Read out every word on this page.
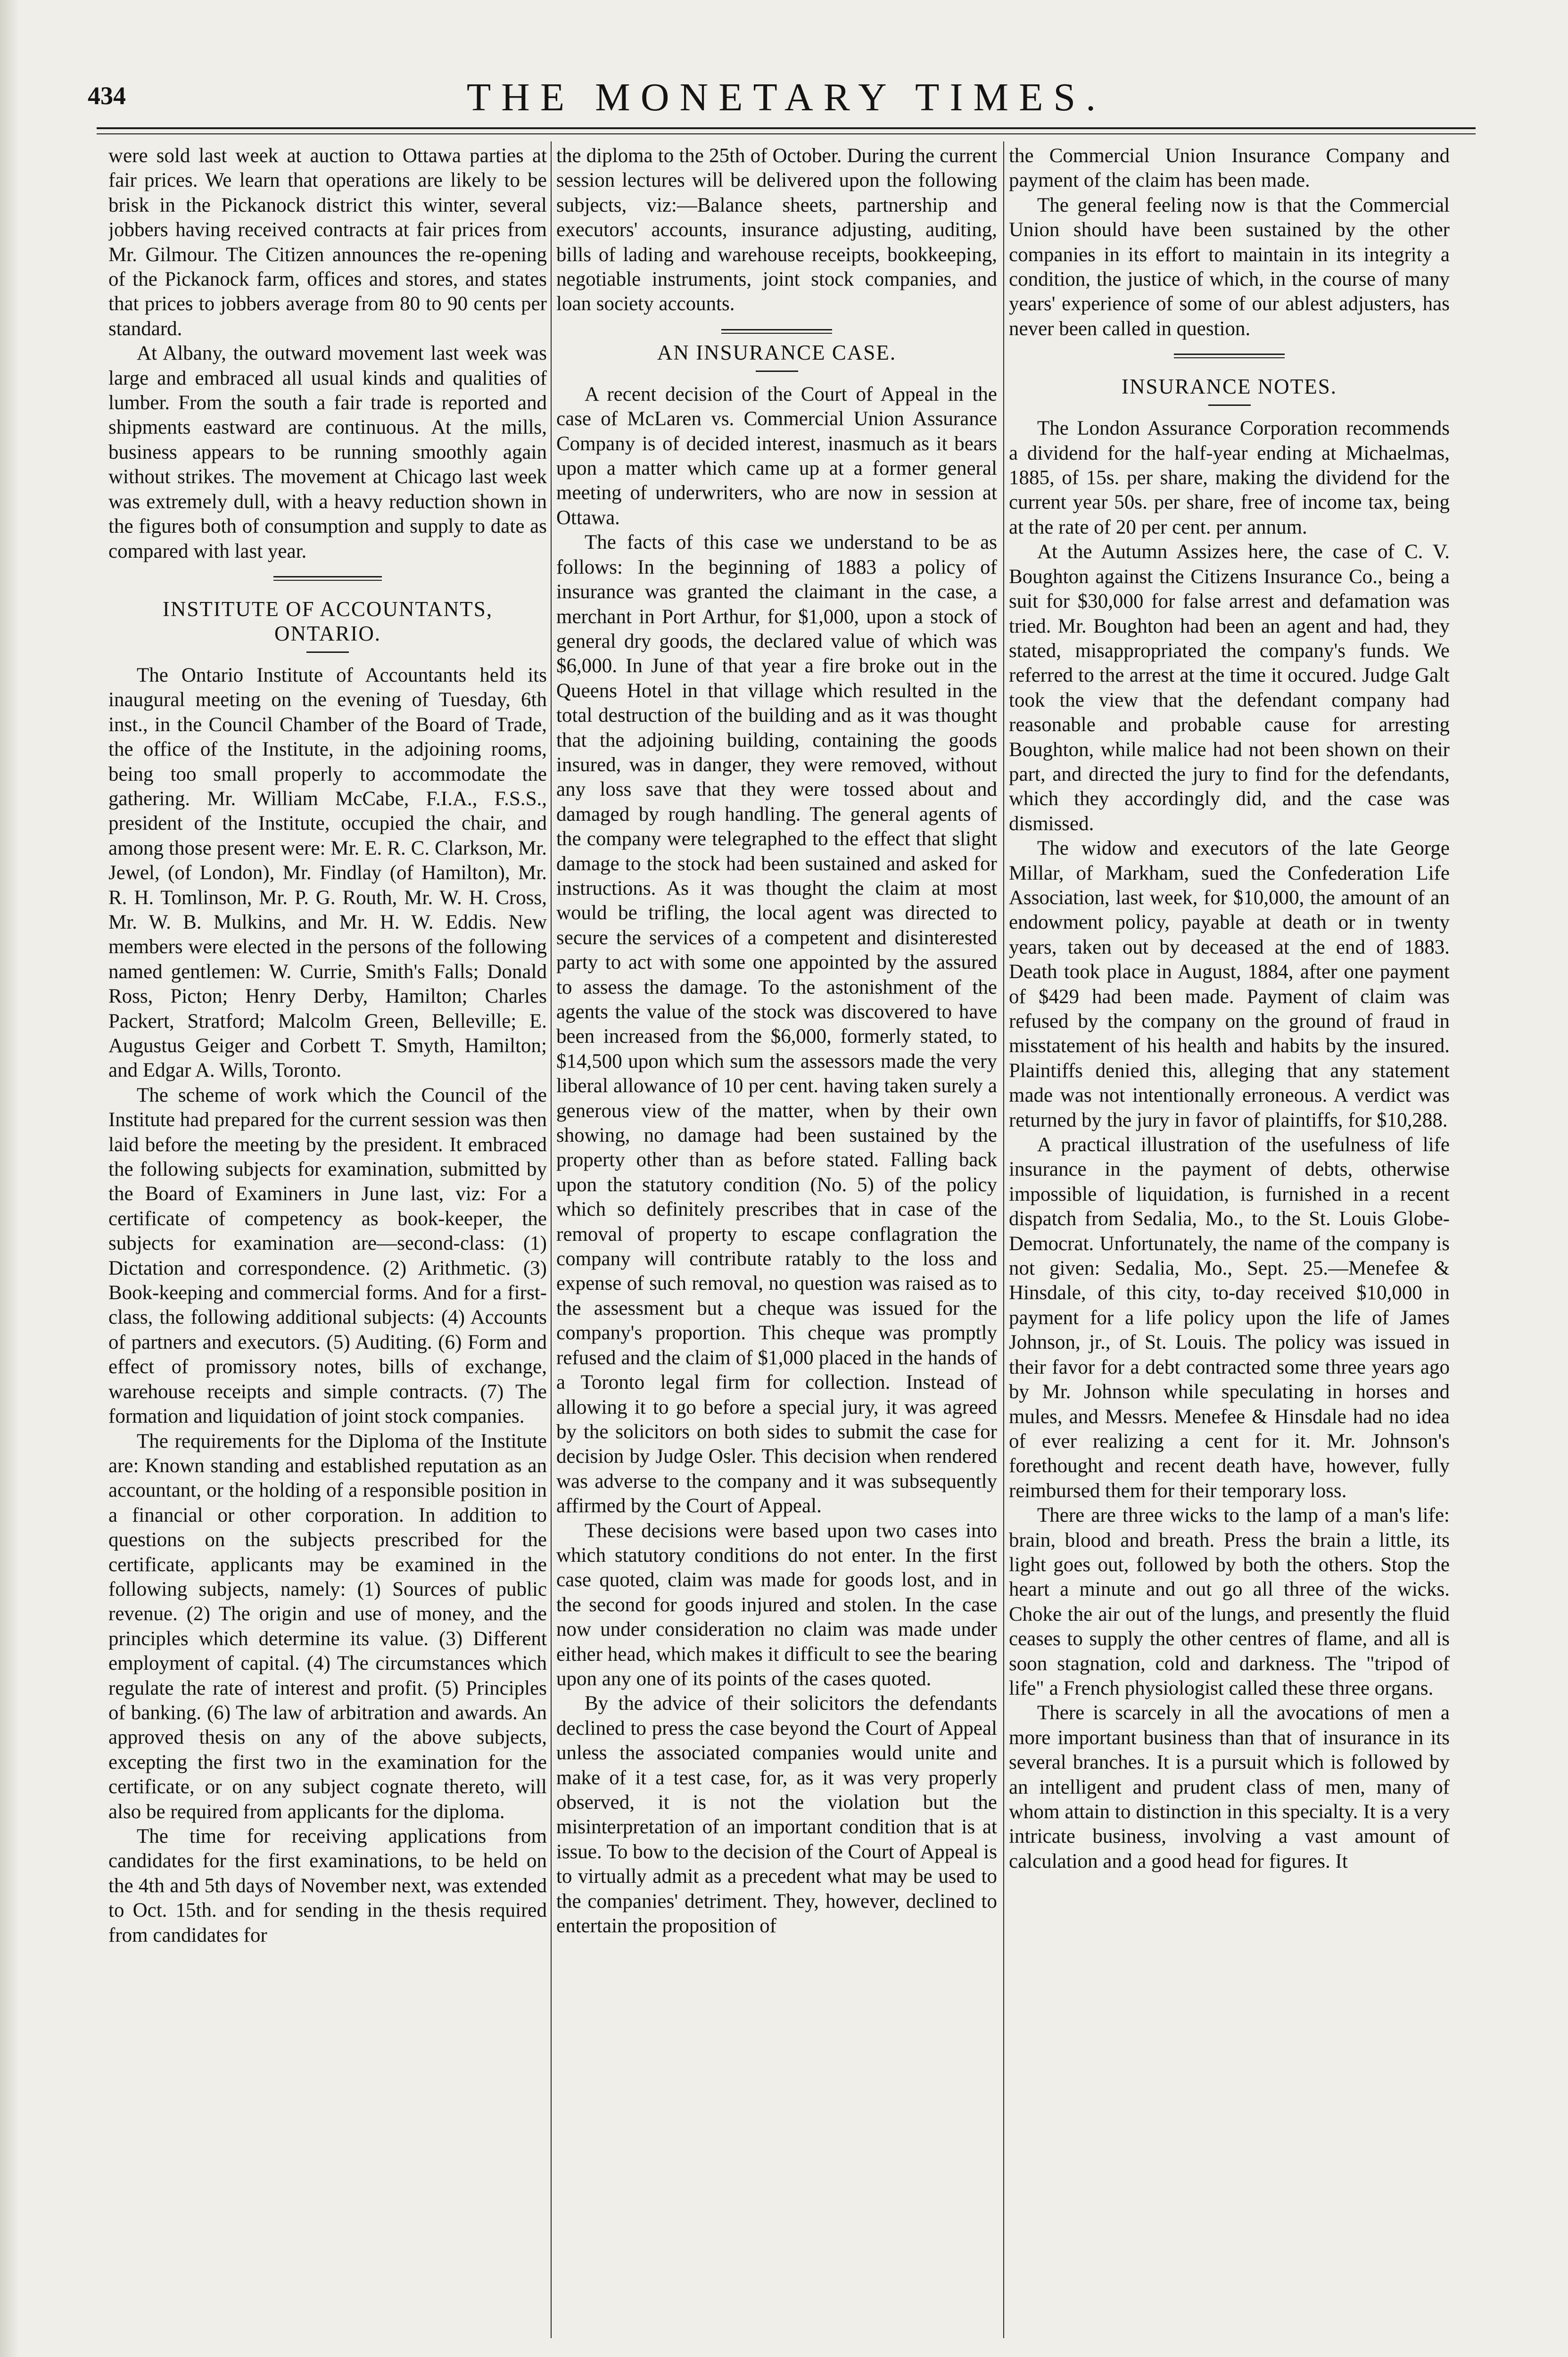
434	THE MONETARY TIMES.

were sold last week at auction to Ottawa parties at fair prices. We learn that operations are likely to be brisk in the Pickanock district this winter, several jobbers having received contracts at fair prices from Mr. Gilmour. The Citizen announces the re-opening of the Pickanock farm, offices and stores, and states that prices to jobbers average from 80 to 90 cents per standard.

At Albany, the outward movement last week was large and embraced all usual kinds and qualities of lumber. From the south a fair trade is reported and shipments eastward are continuous. At the mills, business appears to be running smoothly again without strikes. The movement at Chicago last week was extremely dull, with a heavy reduction shown in the figures both of consumption and supply to date as compared with last year.

INSTITUTE OF ACCOUNTANTS, ONTARIO.

The Ontario Institute of Accountants held its inaugural meeting on the evening of Tuesday, 6th inst., in the Council Chamber of the Board of Trade, the office of the Institute, in the adjoining rooms, being too small properly to accommodate the gathering. Mr. William McCabe, F.I.A., F.S.S., president of the Institute, occupied the chair, and among those present were: Mr. E. R. C. Clarkson, Mr. Jewel, (of London), Mr. Findlay (of Hamilton), Mr. R. H. Tomlinson, Mr. P. G. Routh, Mr. W. H. Cross, Mr. W. B. Mulkins, and Mr. H. W. Eddis. New members were elected in the persons of the following named gentlemen: W. Currie, Smith's Falls; Donald Ross, Picton; Henry Derby, Hamilton; Charles Packert, Stratford; Malcolm Green, Belleville; E. Augustus Geiger and Corbett T. Smyth, Hamilton; and Edgar A. Wills, Toronto.

The scheme of work which the Council of the Institute had prepared for the current session was then laid before the meeting by the president. It embraced the following subjects for examination, submitted by the Board of Examiners in June last, viz: For a certificate of competency as book-keeper, the subjects for examination are—second-class: (1) Dictation and correspondence. (2) Arithmetic. (3) Book-keeping and commercial forms. And for a first-class, the following additional subjects: (4) Accounts of partners and executors. (5) Auditing. (6) Form and effect of promissory notes, bills of exchange, warehouse receipts and simple contracts. (7) The formation and liquidation of joint stock companies.

The requirements for the Diploma of the Institute are: Known standing and established reputation as an accountant, or the holding of a responsible position in a financial or other corporation. In addition to questions on the subjects prescribed for the certificate, applicants may be examined in the following subjects, namely: (1) Sources of public revenue. (2) The origin and use of money, and the principles which determine its value. (3) Different employment of capital. (4) The circumstances which regulate the rate of interest and profit. (5) Principles of banking. (6) The law of arbitration and awards. An approved thesis on any of the above subjects, excepting the first two in the examination for the certificate, or on any subject cognate thereto, will also be required from applicants for the diploma.

The time for receiving applications from candidates for the first examinations, to be held on the 4th and 5th days of November next, was extended to Oct. 15th. and for sending in the thesis required from candidates for

the diploma to the 25th of October. During the current session lectures will be delivered upon the following subjects, viz:—Balance sheets, partnership and executors' accounts, insurance adjusting, auditing, bills of lading and warehouse receipts, bookkeeping, negotiable instruments, joint stock companies, and loan society accounts.

AN INSURANCE CASE.

A recent decision of the Court of Appeal in the case of McLaren vs. Commercial Union Assurance Company is of decided interest, inasmuch as it bears upon a matter which came up at a former general meeting of underwriters, who are now in session at Ottawa.

The facts of this case we understand to be as follows: In the beginning of 1883 a policy of insurance was granted the claimant in the case, a merchant in Port Arthur, for $1,000, upon a stock of general dry goods, the declared value of which was $6,000. In June of that year a fire broke out in the Queens Hotel in that village which resulted in the total destruction of the building and as it was thought that the adjoining building, containing the goods insured, was in danger, they were removed, without any loss save that they were tossed about and damaged by rough handling. The general agents of the company were telegraphed to the effect that slight damage to the stock had been sustained and asked for instructions. As it was thought the claim at most would be trifling, the local agent was directed to secure the services of a competent and disinterested party to act with some one appointed by the assured to assess the damage. To the astonishment of the agents the value of the stock was discovered to have been increased from the $6,000, formerly stated, to $14,500 upon which sum the assessors made the very liberal allowance of 10 per cent. having taken surely a generous view of the matter, when by their own showing, no damage had been sustained by the property other than as before stated. Falling back upon the statutory condition (No. 5) of the policy which so definitely prescribes that in case of the removal of property to escape conflagration the company will contribute ratably to the loss and expense of such removal, no question was raised as to the assessment but a cheque was issued for the company's proportion. This cheque was promptly refused and the claim of $1,000 placed in the hands of a Toronto legal firm for collection. Instead of allowing it to go before a special jury, it was agreed by the solicitors on both sides to submit the case for decision by Judge Osler. This decision when rendered was adverse to the company and it was subsequently affirmed by the Court of Appeal.

These decisions were based upon two cases into which statutory conditions do not enter. In the first case quoted, claim was made for goods lost, and in the second for goods injured and stolen. In the case now under consideration no claim was made under either head, which makes it difficult to see the bearing upon any one of its points of the cases quoted.

By the advice of their solicitors the defendants declined to press the case beyond the Court of Appeal unless the associated companies would unite and make of it a test case, for, as it was very properly observed, it is not the violation but the misinterpretation of an important condition that is at issue. To bow to the decision of the Court of Appeal is to virtually admit as a precedent what may be used to the companies' detriment. They, however, declined to entertain the proposition of

the Commercial Union Insurance Company and payment of the claim has been made.

The general feeling now is that the Commercial Union should have been sustained by the other companies in its effort to maintain in its integrity a condition, the justice of which, in the course of many years' experience of some of our ablest adjusters, has never been called in question.

INSURANCE NOTES.

The London Assurance Corporation recommends a dividend for the half-year ending at Michaelmas, 1885, of 15s. per share, making the dividend for the current year 50s. per share, free of income tax, being at the rate of 20 per cent. per annum.

At the Autumn Assizes here, the case of C. V. Boughton against the Citizens Insurance Co., being a suit for $30,000 for false arrest and defamation was tried. Mr. Boughton had been an agent and had, they stated, misappropriated the company's funds. We referred to the arrest at the time it occured. Judge Galt took the view that the defendant company had reasonable and probable cause for arresting Boughton, while malice had not been shown on their part, and directed the jury to find for the defendants, which they accordingly did, and the case was dismissed.

The widow and executors of the late George Millar, of Markham, sued the Confederation Life Association, last week, for $10,000, the amount of an endowment policy, payable at death or in twenty years, taken out by deceased at the end of 1883. Death took place in August, 1884, after one payment of $429 had been made. Payment of claim was refused by the company on the ground of fraud in misstatement of his health and habits by the insured. Plaintiffs denied this, alleging that any statement made was not intentionally erroneous. A verdict was returned by the jury in favor of plaintiffs, for $10,288.

A practical illustration of the usefulness of life insurance in the payment of debts, otherwise impossible of liquidation, is furnished in a recent dispatch from Sedalia, Mo., to the St. Louis Globe-Democrat. Unfortunately, the name of the company is not given: Sedalia, Mo., Sept. 25.—Menefee & Hinsdale, of this city, to-day received $10,000 in payment for a life policy upon the life of James Johnson, jr., of St. Louis. The policy was issued in their favor for a debt contracted some three years ago by Mr. Johnson while speculating in horses and mules, and Messrs. Menefee & Hinsdale had no idea of ever realizing a cent for it. Mr. Johnson's forethought and recent death have, however, fully reimbursed them for their temporary loss.

There are three wicks to the lamp of a man's life: brain, blood and breath. Press the brain a little, its light goes out, followed by both the others. Stop the heart a minute and out go all three of the wicks. Choke the air out of the lungs, and presently the fluid ceases to supply the other centres of flame, and all is soon stagnation, cold and darkness. The "tripod of life" a French physiologist called these three organs.

There is scarcely in all the avocations of men a more important business than that of insurance in its several branches. It is a pursuit which is followed by an intelligent and prudent class of men, many of whom attain to distinction in this specialty. It is a very intricate business, involving a vast amount of calculation and a good head for figures. It
